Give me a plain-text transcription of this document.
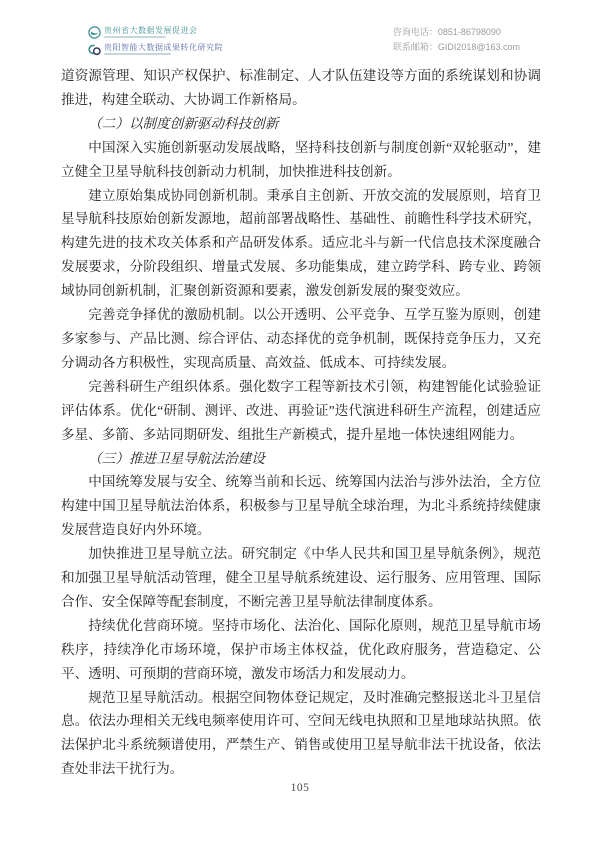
贵州省大数据发展促进会
贵阳智能大数据成果转化研究院
咨询电话：0851-86798090
联系邮箱：GIDI2018@163.com

道资源管理、知识产权保护、标准制定、人才队伍建设等方面的系统谋划和协调推进，构建全联动、大协调工作新格局。

（二）以制度创新驱动科技创新

中国深入实施创新驱动发展战略，坚持科技创新与制度创新“双轮驱动”，建立健全卫星导航科技创新动力机制，加快推进科技创新。

建立原始集成协同创新机制。秉承自主创新、开放交流的发展原则，培育卫星导航科技原始创新发源地，超前部署战略性、基础性、前瞻性科学技术研究，构建先进的技术攻关体系和产品研发体系。适应北斗与新一代信息技术深度融合发展要求，分阶段组织、增量式发展、多功能集成，建立跨学科、跨专业、跨领域协同创新机制，汇聚创新资源和要素，激发创新发展的聚变效应。

完善竞争择优的激励机制。以公开透明、公平竞争、互学互鉴为原则，创建多家参与、产品比测、综合评估、动态择优的竞争机制，既保持竞争压力，又充分调动各方积极性，实现高质量、高效益、低成本、可持续发展。

完善科研生产组织体系。强化数字工程等新技术引领，构建智能化试验验证评估体系。优化“研制、测评、改进、再验证”迭代演进科研生产流程，创建适应多星、多箭、多站同期研发、组批生产新模式，提升星地一体快速组网能力。

（三）推进卫星导航法治建设

中国统筹发展与安全、统筹当前和长远、统筹国内法治与涉外法治，全方位构建中国卫星导航法治体系，积极参与卫星导航全球治理，为北斗系统持续健康发展营造良好内外环境。

加快推进卫星导航立法。研究制定《中华人民共和国卫星导航条例》，规范和加强卫星导航活动管理，健全卫星导航系统建设、运行服务、应用管理、国际合作、安全保障等配套制度，不断完善卫星导航法律制度体系。

持续优化营商环境。坚持市场化、法治化、国际化原则，规范卫星导航市场秩序，持续净化市场环境，保护市场主体权益，优化政府服务，营造稳定、公平、透明、可预期的营商环境，激发市场活力和发展动力。

规范卫星导航活动。根据空间物体登记规定，及时准确完整报送北斗卫星信息。依法办理相关无线电频率使用许可、空间无线电执照和卫星地球站执照。依法保护北斗系统频谱使用，严禁生产、销售或使用卫星导航非法干扰设备，依法查处非法干扰行为。

105
